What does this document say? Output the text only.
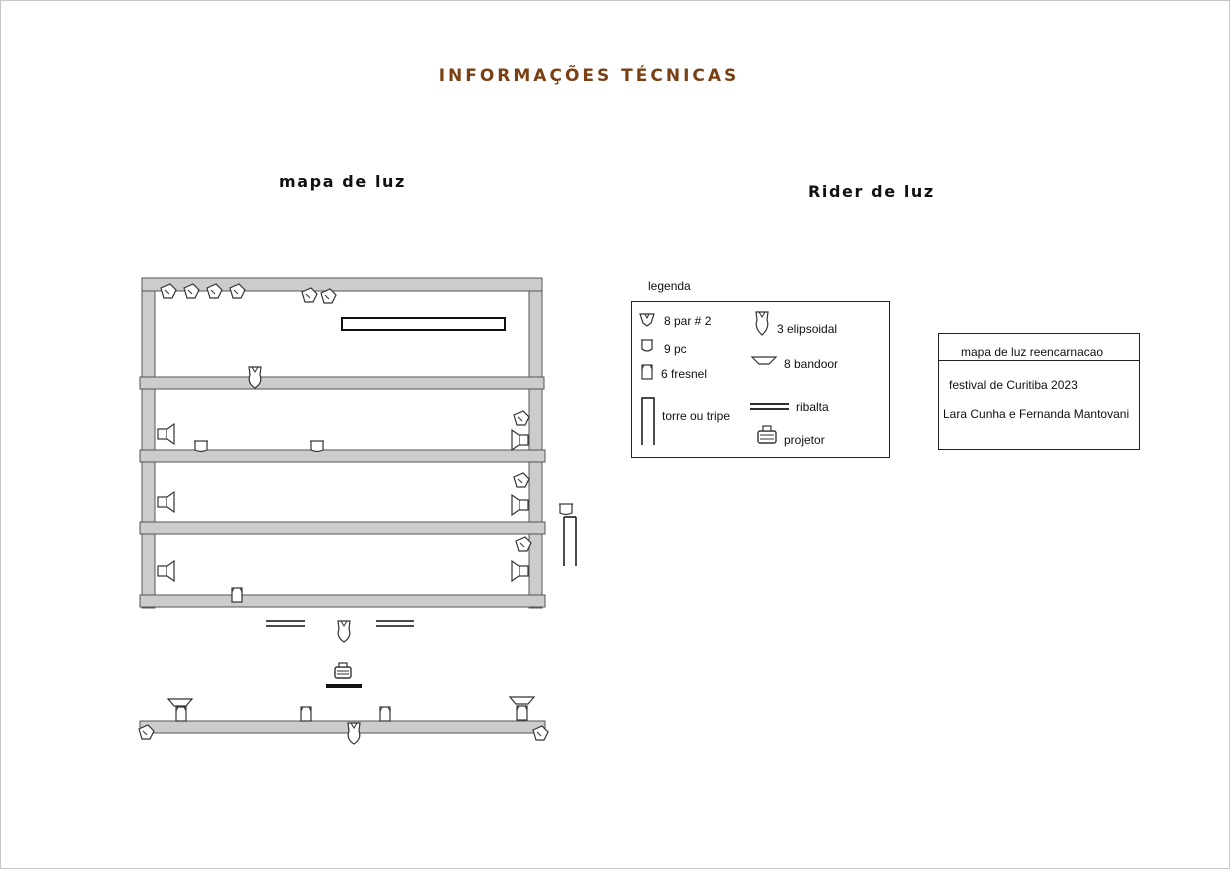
INFORMAÇÕES TÉCNICAS
mapa de luz
Rider de luz
legenda
8 par # 2
9 pc
6 fresnel
torre ou tripe
3 elipsoidal
8 bandoor
ribalta
projetor
mapa de luz reencarnacao
festival de Curitiba 2023
Lara Cunha e Fernanda Mantovani
